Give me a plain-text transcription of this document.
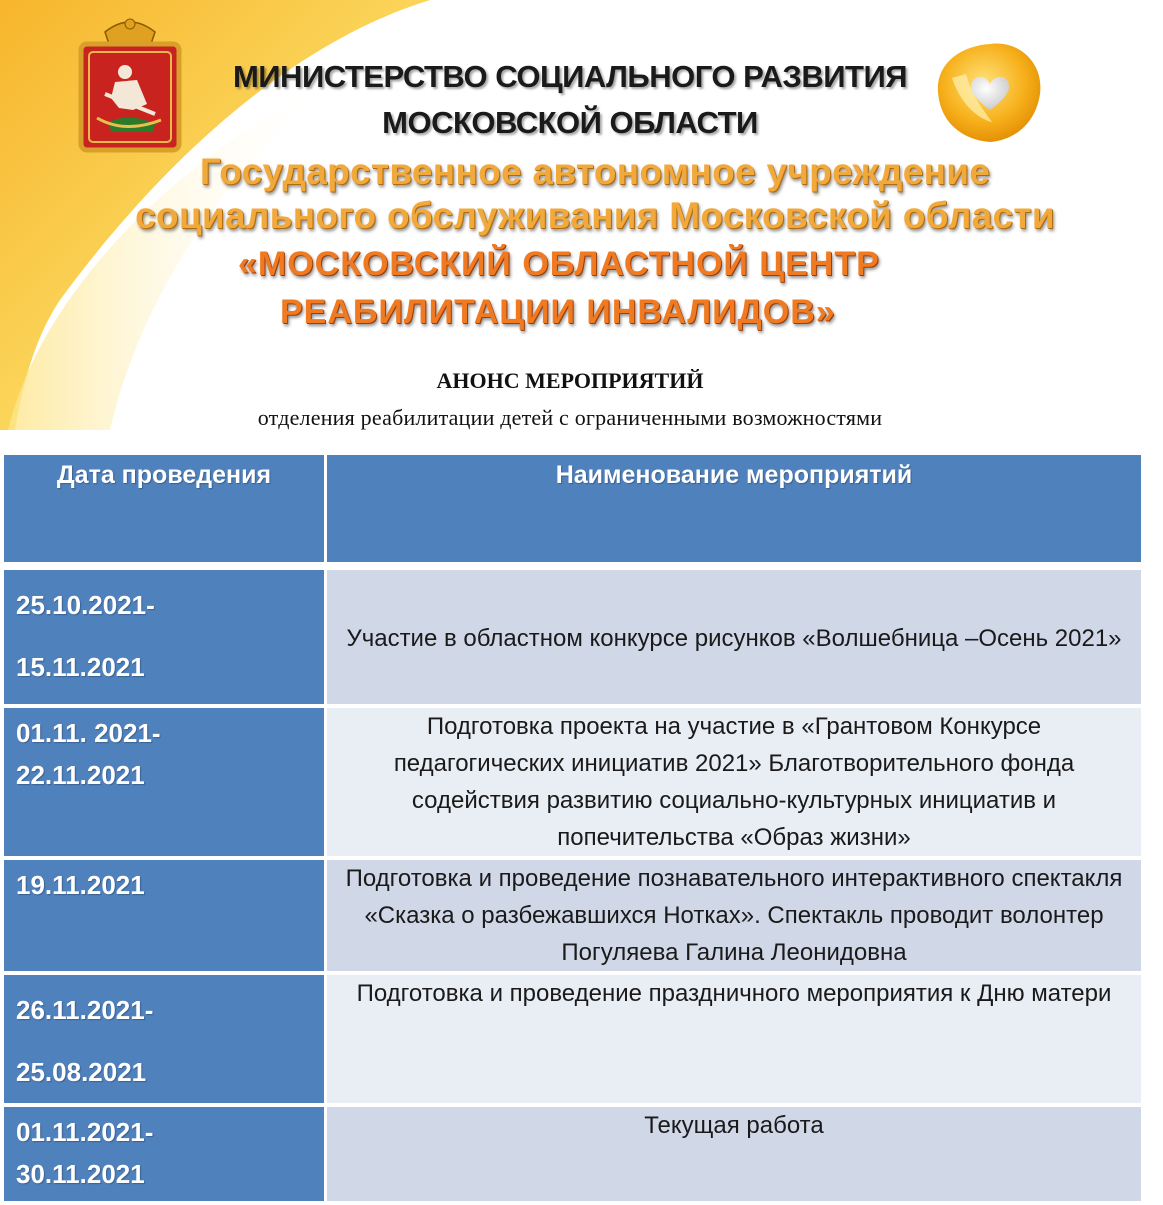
МИНИСТЕРСТВО СОЦИАЛЬНОГО РАЗВИТИЯ
МОСКОВСКОЙ ОБЛАСТИ
Государственное автономное учреждение
социального обслуживания Московской области
«МОСКОВСКИЙ ОБЛАСТНОЙ ЦЕНТР
РЕАБИЛИТАЦИИ ИНВАЛИДОВ»
АНОНС МЕРОПРИЯТИЙ
отделения реабилитации детей с ограниченными возможностями
Дата проведения	Наименование мероприятий

25.10.2021-
15.11.2021	Участие в областном конкурсе рисунков «Волшебница –Осень 2021»

01.11. 2021-
22.11.2021	Подготовка проекта на участие в «Грантовом Конкурсе педагогических инициатив 2021» Благотворительного фонда содействия развитию социально-культурных инициатив и попечительства «Образ жизни»

19.11.2021	Подготовка и проведение познавательного интерактивного спектакля «Сказка о разбежавшихся Нотках». Спектакль проводит волонтер Погуляева Галина Леонидовна

26.11.2021-
25.08.2021	Подготовка и проведение праздничного мероприятия к Дню матери

01.11.2021-
30.11.2021	Текущая работа
